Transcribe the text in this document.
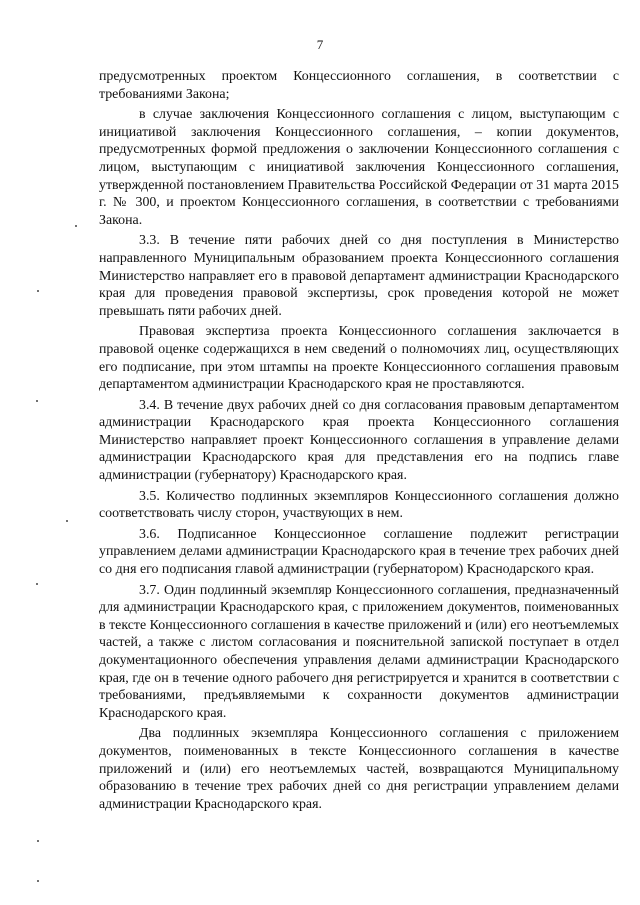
7

предусмотренных проектом Концессионного соглашения, в соответствии с требованиями Закона;

в случае заключения Концессионного соглашения с лицом, выступающим с инициативой заключения Концессионного соглашения, – копии документов, предусмотренных формой предложения о заключении Концессионного соглашения с лицом, выступающим с инициативой заключения Концессионного соглашения, утвержденной постановлением Правительства Российской Федерации от 31 марта 2015 г. № 300, и проектом Концессионного соглашения, в соответствии с требованиями Закона.

3.3. В течение пяти рабочих дней со дня поступления в Министерство направленного Муниципальным образованием проекта Концессионного соглашения Министерство направляет его в правовой департамент администрации Краснодарского края для проведения правовой экспертизы, срок проведения которой не может превышать пяти рабочих дней.

Правовая экспертиза проекта Концессионного соглашения заключается в правовой оценке содержащихся в нем сведений о полномочиях лиц, осуществляющих его подписание, при этом штампы на проекте Концессионного соглашения правовым департаментом администрации Краснодарского края не проставляются.

3.4. В течение двух рабочих дней со дня согласования правовым департаментом администрации Краснодарского края проекта Концессионного соглашения Министерство направляет проект Концессионного соглашения в управление делами администрации Краснодарского края для представления его на подпись главе администрации (губернатору) Краснодарского края.

3.5. Количество подлинных экземпляров Концессионного соглашения должно соответствовать числу сторон, участвующих в нем.

3.6. Подписанное Концессионное соглашение подлежит регистрации управлением делами администрации Краснодарского края в течение трех рабочих дней со дня его подписания главой администрации (губернатором) Краснодарского края.

3.7. Один подлинный экземпляр Концессионного соглашения, предназначенный для администрации Краснодарского края, с приложением документов, поименованных в тексте Концессионного соглашения в качестве приложений и (или) его неотъемлемых частей, а также с листом согласования и пояснительной запиской поступает в отдел документационного обеспечения управления делами администрации Краснодарского края, где он в течение одного рабочего дня регистрируется и хранится в соответствии с требованиями, предъявляемыми к сохранности документов администрации Краснодарского края.

Два подлинных экземпляра Концессионного соглашения с приложением документов, поименованных в тексте Концессионного соглашения в качестве приложений и (или) его неотъемлемых частей, возвращаются Муниципальному образованию в течение трех рабочих дней со дня регистрации управлением делами администрации Краснодарского края.
